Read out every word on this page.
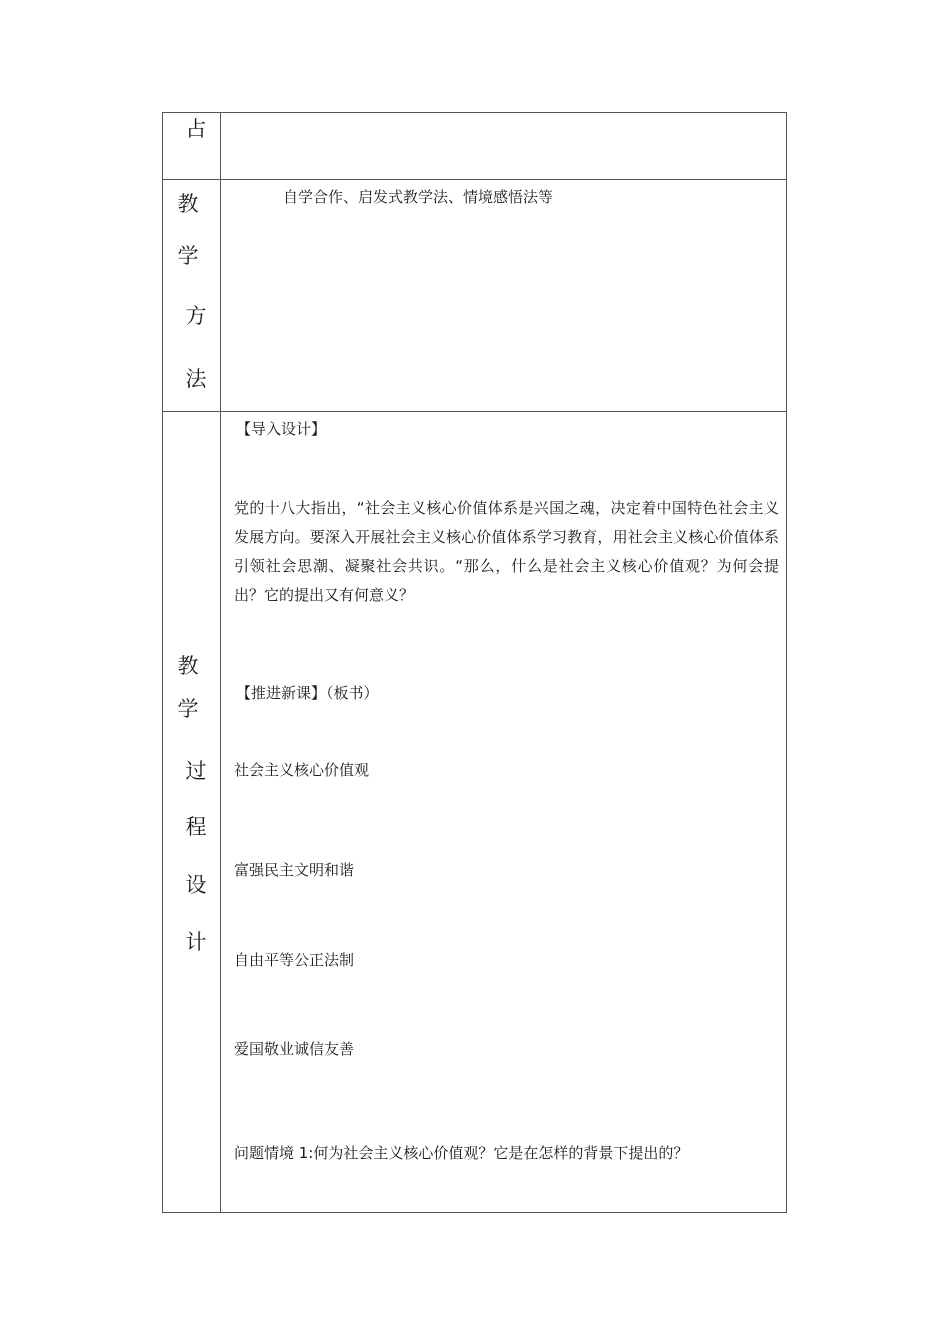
占
教
学
方
法
自学合作、启发式教学法、情境感悟法等
教
学
过
程
设
计
【导入设计】
党的十八大指出，“社会主义核心价值体系是兴国之魂，决定着中国特色社会主义发展方向。要深入开展社会主义核心价值体系学习教育，用社会主义核心价值体系引领社会思潮、凝聚社会共识。“那么，什么是社会主义核心价值观？为何会提出？它的提出又有何意义？
【推进新课】（板书）
社会主义核心价值观
富强民主文明和谐
自由平等公正法制
爱国敬业诚信友善
问题情境 1:何为社会主义核心价值观？它是在怎样的背景下提出的？
